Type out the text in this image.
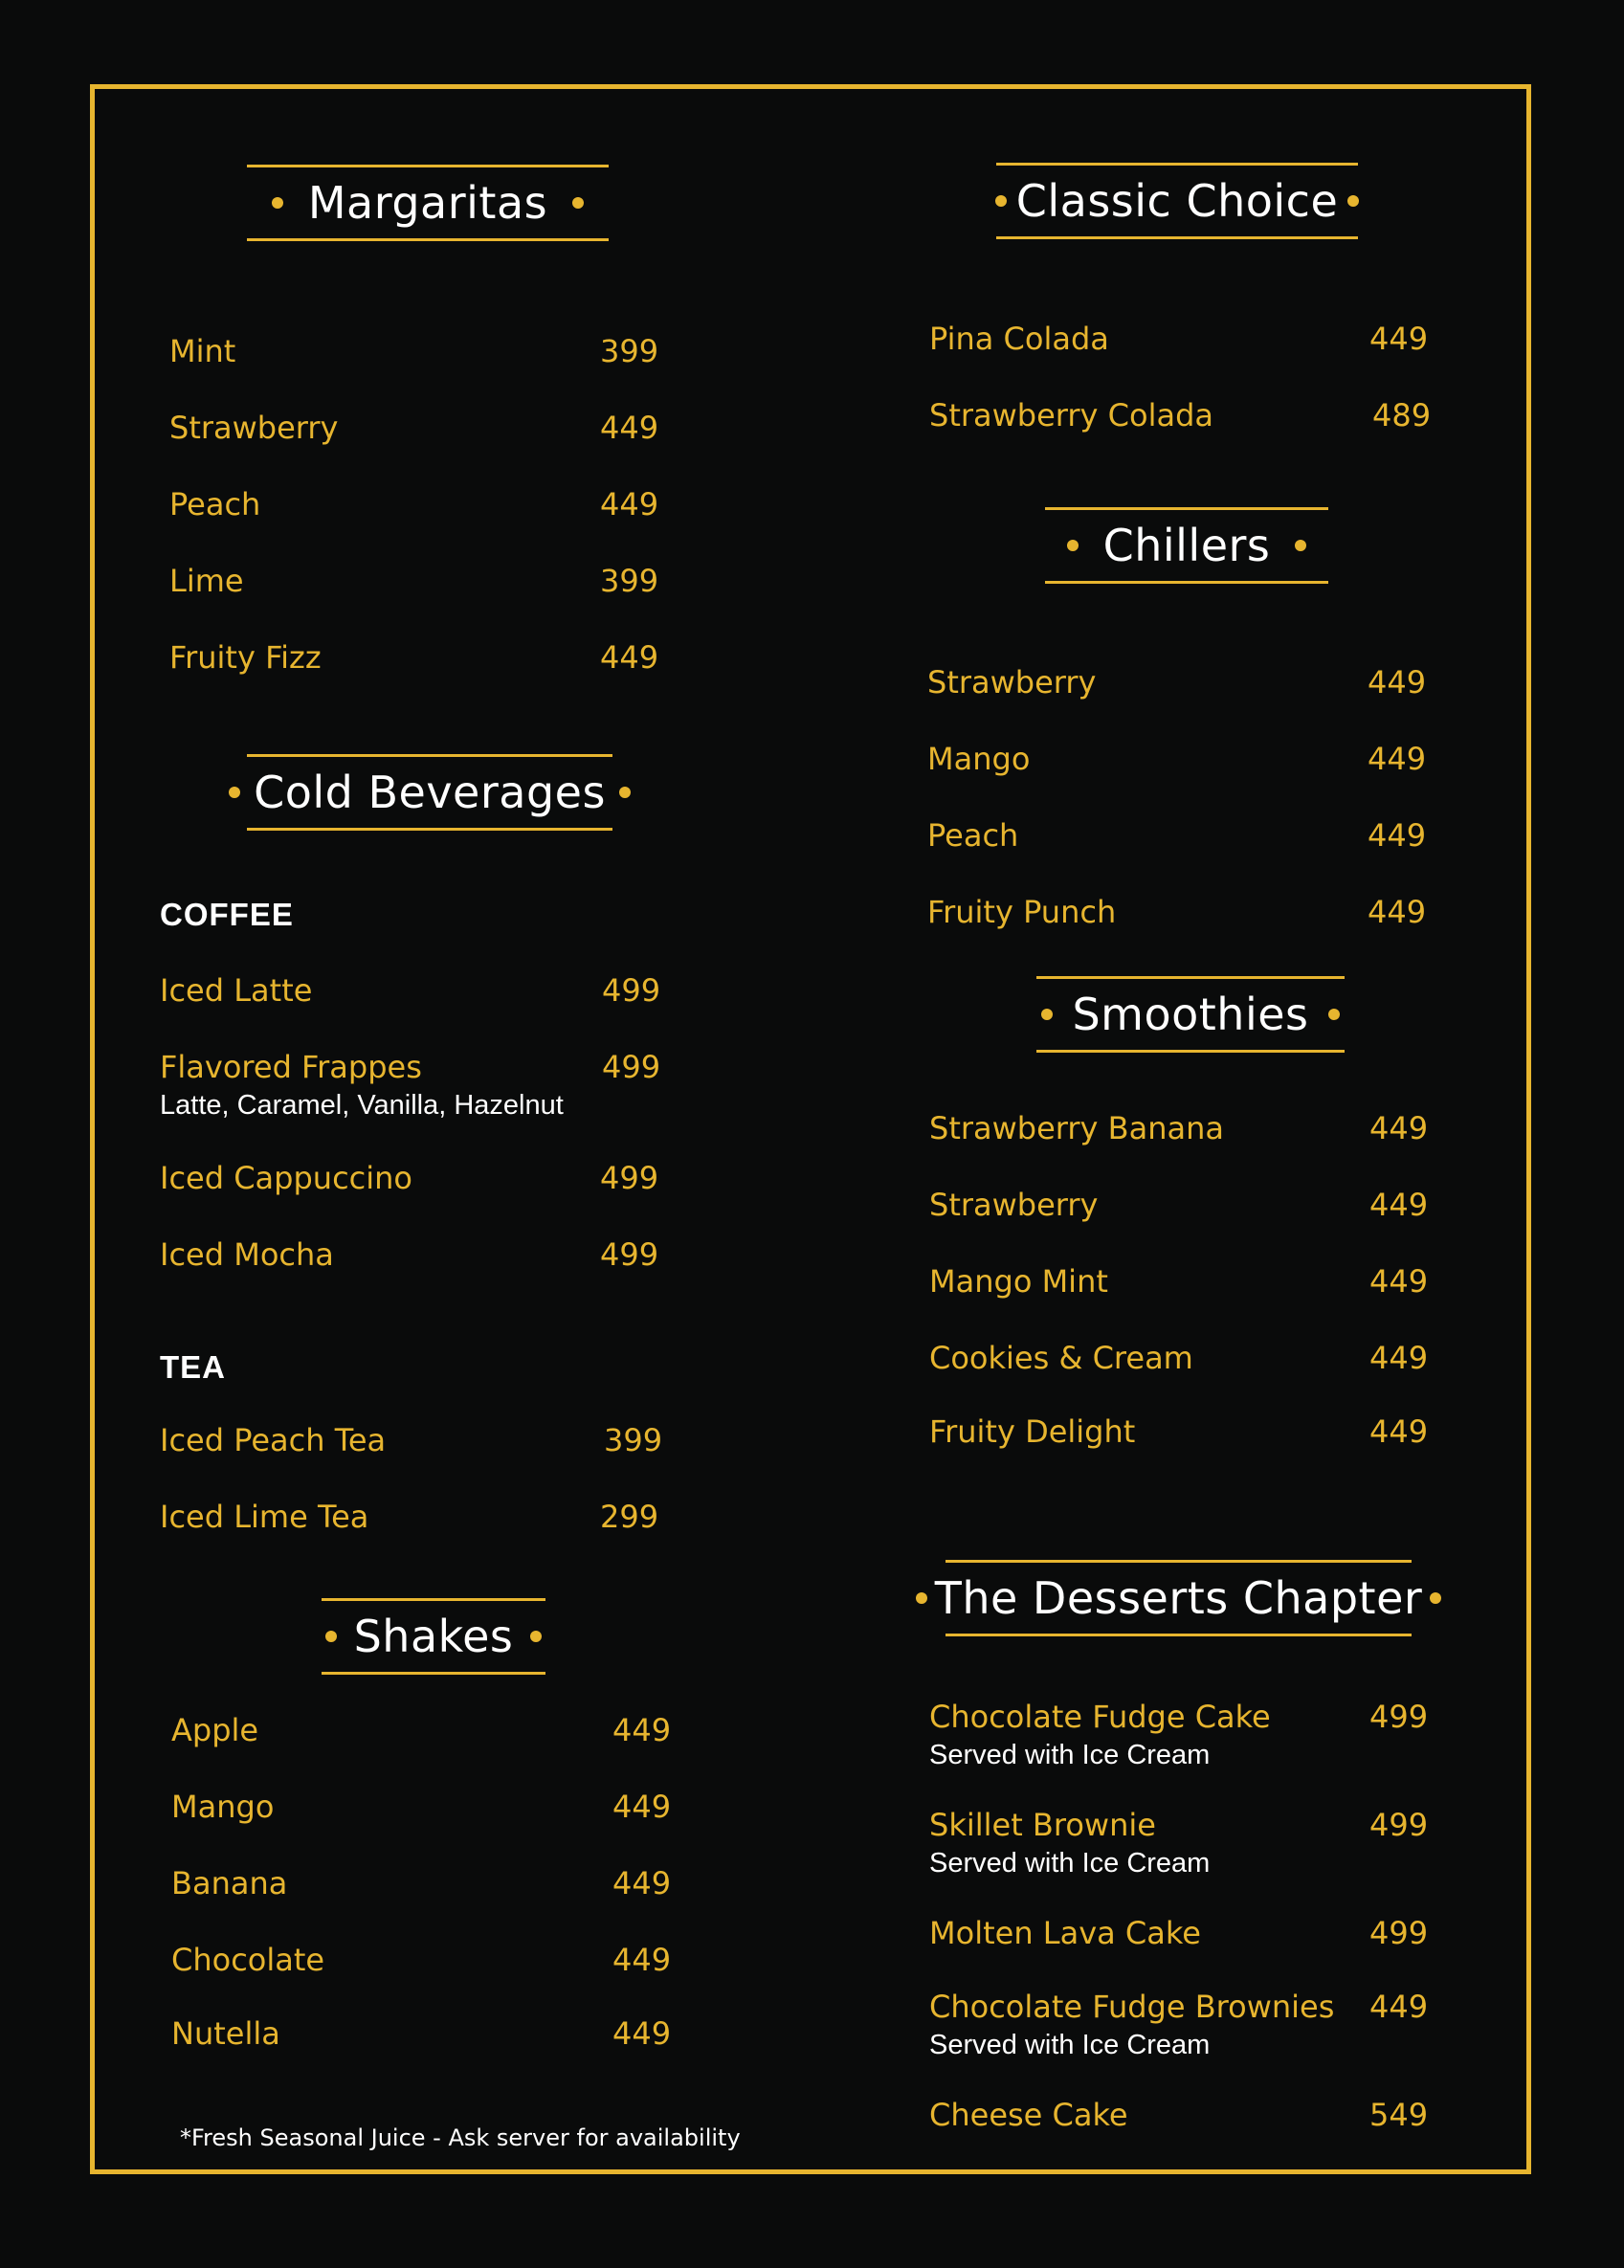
Margaritas
Mint	399
Strawberry	449
Peach	449
Lime	399
Fruity Fizz	449
Cold Beverages
COFFEE
Iced Latte	499
Flavored Frappes	499
Latte, Caramel, Vanilla, Hazelnut
Iced Cappuccino	499
Iced Mocha	499
TEA
Iced Peach Tea	399
Iced Lime Tea	299
Shakes
Apple	449
Mango	449
Banana	449
Chocolate	449
Nutella	449
*Fresh Seasonal Juice - Ask server for availability
Classic Choice
Pina Colada	449
Strawberry Colada	489
Chillers
Strawberry	449
Mango	449
Peach	449
Fruity Punch	449
Smoothies
Strawberry Banana	449
Strawberry	449
Mango Mint	449
Cookies & Cream	449
Fruity Delight	449
The Desserts Chapter
Chocolate Fudge Cake	499
Served with Ice Cream
Skillet Brownie	499
Served with Ice Cream
Molten Lava Cake	499
Chocolate Fudge Brownies 449
Served with Ice Cream
Cheese Cake	549
